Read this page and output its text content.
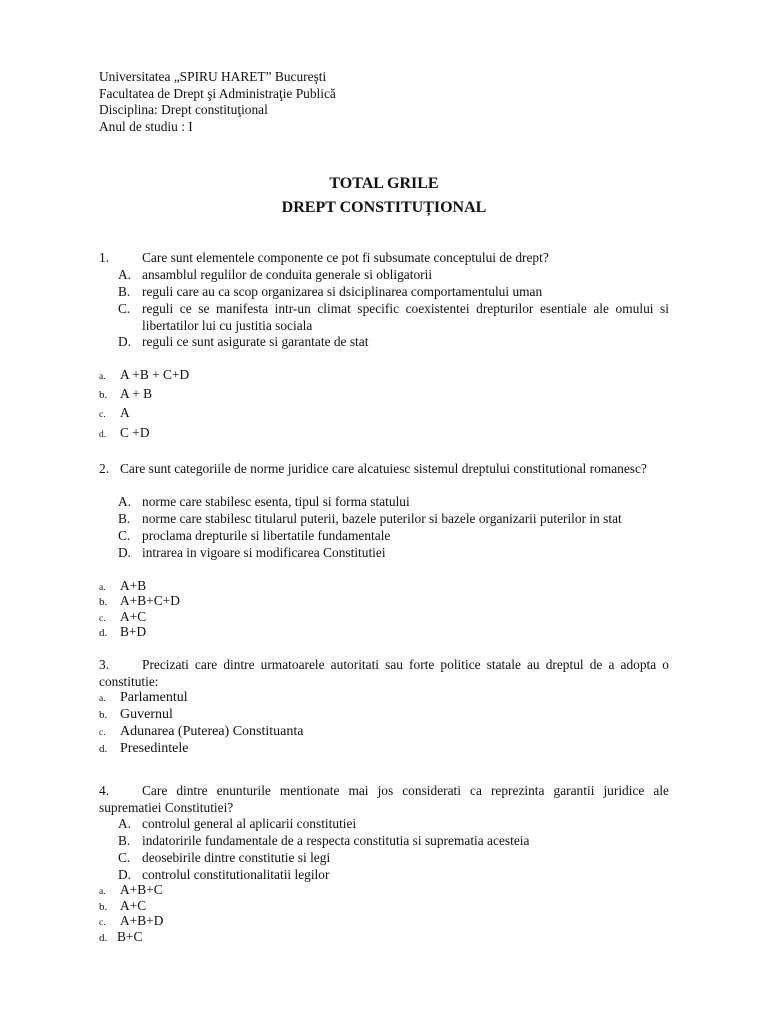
Universitatea „SPIRU HARET” Bucureşti
Facultatea de Drept şi Administraţie Publică
Disciplina: Drept constituţional
Anul de studiu : I
TOTAL GRILE
DREPT CONSTITUȚIONAL
1. Care sunt elementele componente ce pot fi subsumate conceptului de drept?
A. ansamblul regulilor de conduita generale si obligatorii
B. reguli care au ca scop organizarea si dsiciplinarea comportamentului uman
C. reguli ce se manifesta intr-un climat specific coexistentei drepturilor esentiale ale omului si libertatilor lui cu justitia sociala
D. reguli ce sunt asigurate si garantate de stat
a. A +B + C+D
b. A + B
c. A
d. C +D
2. Care sunt categoriile de norme juridice care alcatuiesc sistemul dreptului constitutional romanesc?
A. norme care stabilesc esenta, tipul si forma statului
B. norme care stabilesc titularul puterii, bazele puterilor si bazele organizarii puterilor in stat
C. proclama drepturile si libertatile fundamentale
D. intrarea in vigoare si modificarea Constitutiei
a. A+B
b. A+B+C+D
c. A+C
d. B+D
3. Precizati care dintre urmatoarele autoritati sau forte politice statale au dreptul de a adopta o constitutie:
a. Parlamentul
b. Guvernul
c. Adunarea (Puterea) Constituanta
d. Presedintele
4. Care dintre enunturile mentionate mai jos considerati ca reprezinta garantii juridice ale suprematiei Constitutiei?
A. controlul general al aplicarii constitutiei
B. indatoririle fundamentale de a respecta constitutia si suprematia acesteia
C. deosebirile dintre constitutie si legi
D. controlul constitutionalitatii legilor
a. A+B+C
b. A+C
c. A+B+D
d. B+C
